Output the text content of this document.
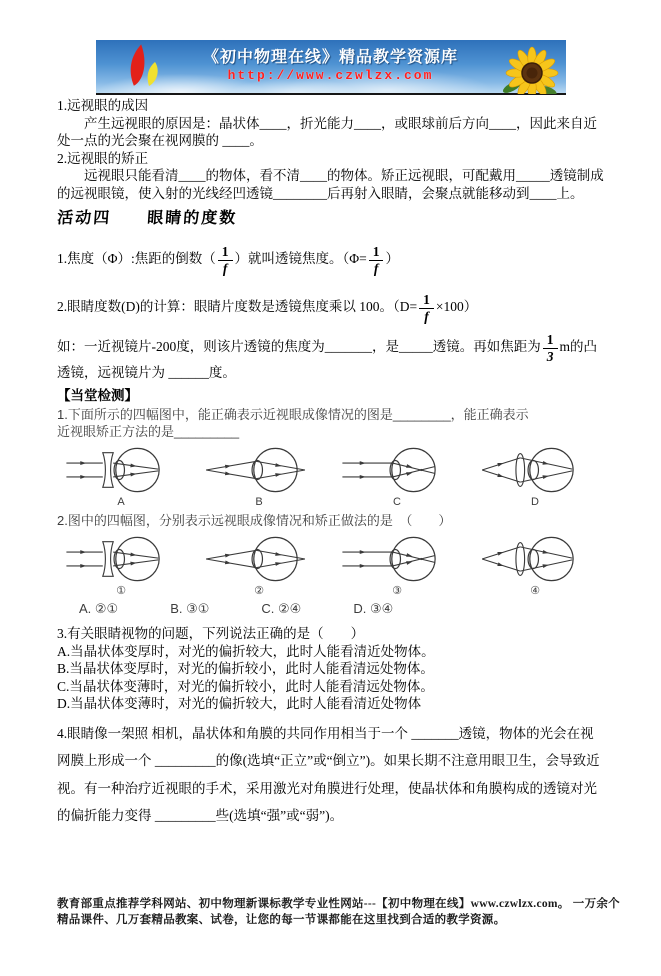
《初中物理在线》精品教学资源库
http://www.czwlzx.com

1.远视眼的成因

产生远视眼的原因是：晶状体____，折光能力____，或眼球前后方向____，因此来自近处一点的光会聚在视网膜的 ____。

2.远视眼的矫正

远视眼只能看清____的物体，看不清____的物体。矫正远视眼，可配戴用_____透镜制成的远视眼镜，使入射的光线经凹透镜________后再射入眼睛，会聚点就能移动到____上。

活动四　　眼睛的度数

1.焦度（Φ）:焦距的倒数（ $\frac{1}{f}$ ）就叫透镜焦度。（$\Phi= \frac{1}{f}$ ）

2.眼睛度数(D)的计算：眼睛片度数是透镜焦度乘以 100。$(D= \frac{1}{f} \times 100)$

如：一近视镜片-200度，则该片透镜的焦度为_______，是_____透镜。再如焦距为 $\frac{1}{3}$ m的凸透镜，远视镜片为 ______度。

【当堂检测】

1.下面所示的四幅图中，能正确表示近视眼成像情况的图是________，能正确表示近视眼矫正方法的是_________

A	B	C	D

2.图中的四幅图，分别表示远视眼成像情况和矫正做法的是　（　　）

①	②	③	④
A. ②①	B. ③①	C. ②④	D. ③④

3.有关眼睛视物的问题，下列说法正确的是（　　）

A.当晶状体变厚时，对光的偏折较大，此时人能看清近处物体。

B.当晶状体变厚时，对光的偏折较小，此时人能看清远处物体。

C.当晶状体变薄时，对光的偏折较小，此时人能看清远处物体。

D.当晶状体变薄时，对光的偏折较大，此时人能看清近处物体

4.眼睛像一架照 相机，晶状体和角膜的共同作用相当于一个 _______透镜，物体的光会在视网膜上形成一个 _________的像(选填“正立”或“倒立”)。如果长期不注意用眼卫生，会导致近视。有一种治疗近视眼的手术，采用激光对角膜进行处理，使晶状体和角膜构成的透镜对光的偏折能力变得 _________些(选填“强”或“弱”)。

教育部重点推荐学科网站、初中物理新课标教学专业性网站---【初中物理在线】www.czwlzx.com。 一万余个精品课件、几万套精品教案、试卷，让您的每一节课都能在这里找到合适的教学资源。
